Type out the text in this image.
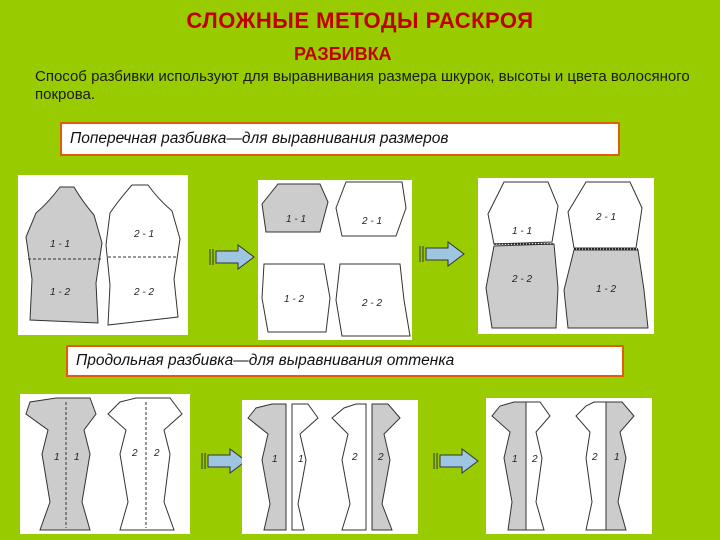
СЛОЖНЫЕ МЕТОДЫ РАСКРОЯ
РАЗБИВКА
Способ разбивки используют для выравнивания размера шкурок, высоты и цвета волосяного покрова.
Поперечная разбивка—для выравнивания размеров
1 - 1
1 - 2
2 - 1
2 - 2
1 - 1	2 - 1
1 - 2	2 - 2
1 - 1
2 - 2
2 - 1
1 - 2
Продольная разбивка—для выравнивания оттенка
1 1	2 2
1 1	2 2	1 2	2 1
